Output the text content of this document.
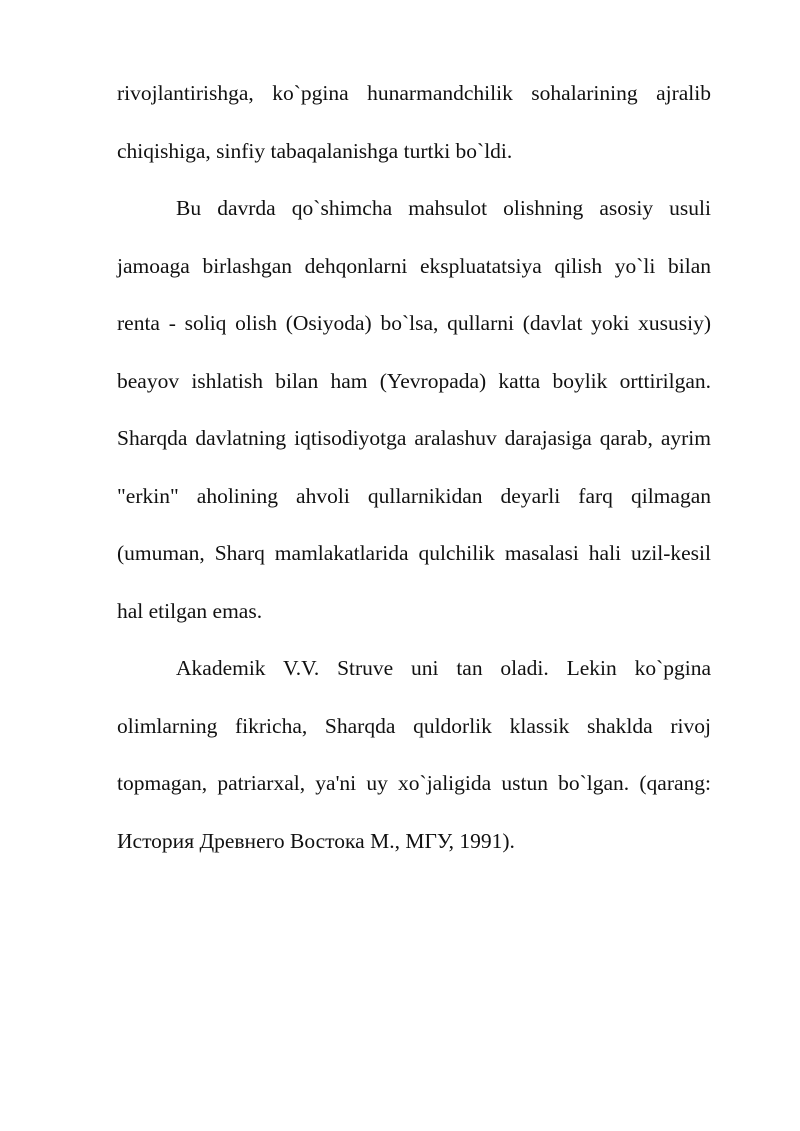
rivojlantirishga, ko`pgina hunarmandchilik sohalarining ajralib chiqishiga, sinfiy tabaqalanishga turtki bo`ldi.

Bu davrda qo`shimcha mahsulot olishning asosiy usuli jamoaga birlashgan dehqonlarni ekspluatatsiya qilish yo`li bilan renta - soliq olish (Osiyoda) bo`lsa, qullarni (davlat yoki xususiy) beayov ishlatish bilan ham (Yevropada) katta boylik orttirilgan. Sharqda davlatning iqtisodiyotga aralashuv darajasiga qarab, ayrim "erkin" aholining ahvoli qullarnikidan deyarli farq qilmagan (umuman, Sharq mamlakatlarida qulchilik masalasi hali uzil-kesil hal etilgan emas.

Akademik V.V. Struve uni tan oladi. Lekin ko`pgina olimlarning fikricha, Sharqda quldorlik klassik shaklda rivoj topmagan, patriarxal, ya'ni uy xo`jaligida ustun bo`lgan. (qarang: История Древнего Востока М., МГУ, 1991).
